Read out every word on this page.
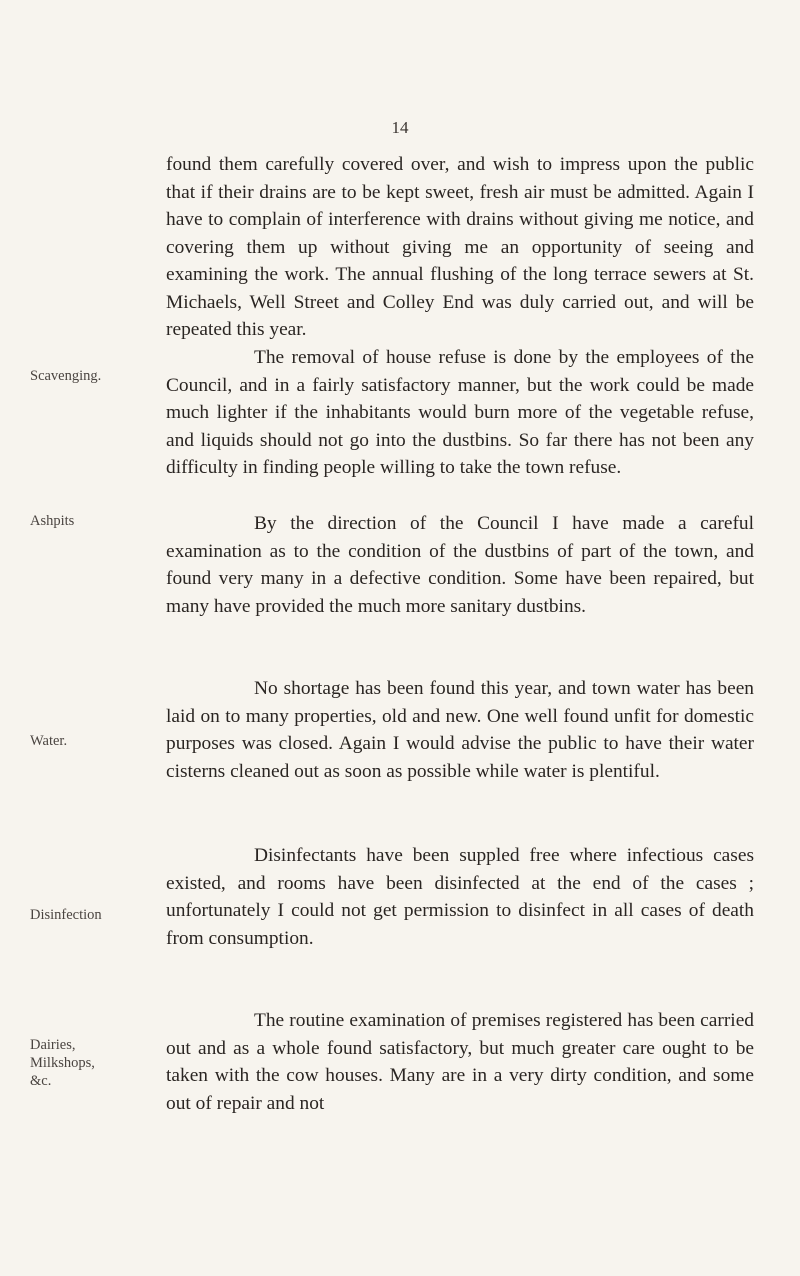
14
Scavenging.
Ashpits
Water.
Disinfection
Dairies,
Milkshops,
&c.

found them carefully covered over, and wish to impress upon the public that if their drains are to be kept sweet, fresh air must be admitted. Again I have to complain of interference with drains without giving me notice, and covering them up without giving me an opportunity of seeing and examining the work. The annual flushing of the long terrace sewers at St. Michaels, Well Street and Colley End was duly carried out, and will be repeated this year.

The removal of house refuse is done by the employees of the Council, and in a fairly satisfactory manner, but the work could be made much lighter if the inhabitants would burn more of the vegetable refuse, and liquids should not go into the dustbins. So far there has not been any difficulty in finding people willing to take the town refuse.

By the direction of the Council I have made a careful examination as to the condition of the dustbins of part of the town, and found very many in a defective condition. Some have been repaired, but many have provided the much more sanitary dustbins.

No shortage has been found this year, and town water has been laid on to many properties, old and new. One well found unfit for domestic purposes was closed. Again I would advise the public to have their water cisterns cleaned out as soon as possible while water is plentiful.

Disinfectants have been suppled free where infectious cases existed, and rooms have been disinfected at the end of the cases ; unfortunately I could not get permission to disinfect in all cases of death from consumption.

The routine examination of premises registered has been carried out and as a whole found satisfactory, but much greater care ought to be taken with the cow houses. Many are in a very dirty condition, and some out of repair and not
